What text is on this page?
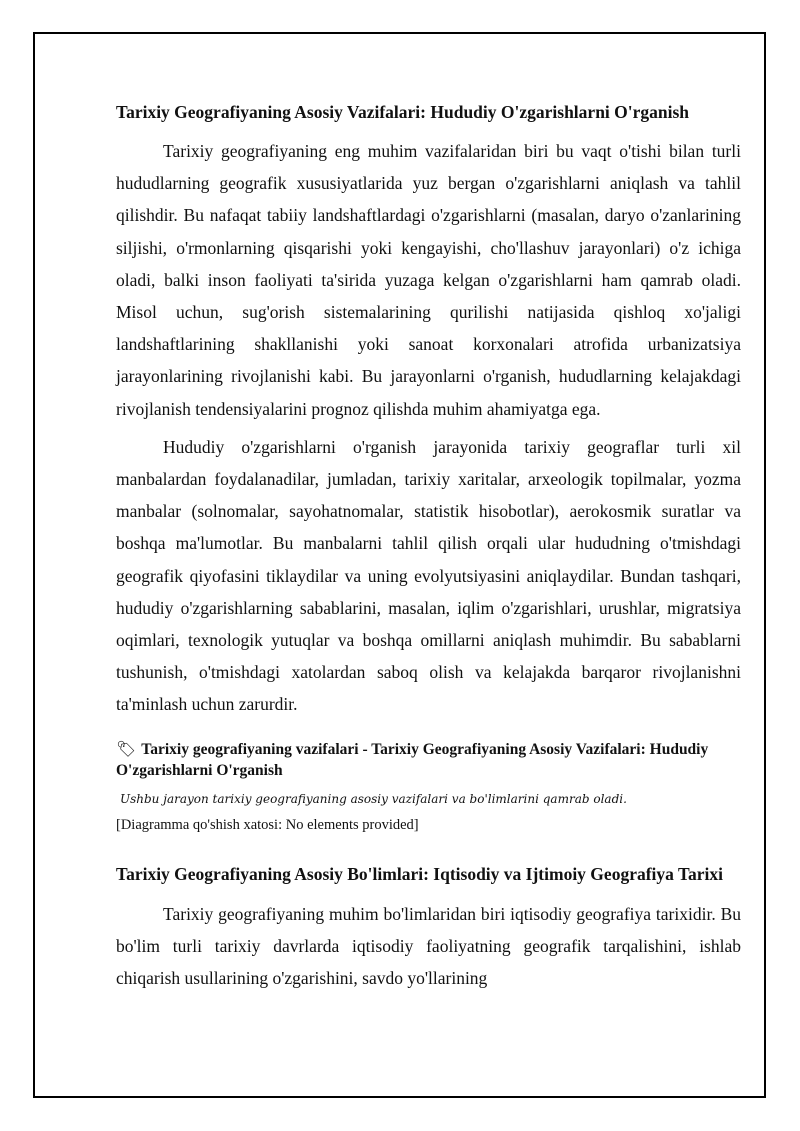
Tarixiy Geografiyaning Asosiy Vazifalari: Hududiy O'zgarishlarni O'rganish

Tarixiy geografiyaning eng muhim vazifalaridan biri bu vaqt o'tishi bilan turli hududlarning geografik xususiyatlarida yuz bergan o'zgarishlarni aniqlash va tahlil qilishdir. Bu nafaqat tabiiy landshaftlardagi o'zgarishlarni (masalan, daryo o'zanlarining siljishi, o'rmonlarning qisqarishi yoki kengayishi, cho'llashuv jarayonlari) o'z ichiga oladi, balki inson faoliyati ta'sirida yuzaga kelgan o'zgarishlarni ham qamrab oladi. Misol uchun, sug'orish sistemalarining qurilishi natijasida qishloq xo'jaligi landshaftlarining shakllanishi yoki sanoat korxonalari atrofida urbanizatsiya jarayonlarining rivojlanishi kabi. Bu jarayonlarni o'rganish, hududlarning kelajakdagi rivojlanish tendensiyalarini prognoz qilishda muhim ahamiyatga ega.

Hududiy o'zgarishlarni o'rganish jarayonida tarixiy geograflar turli xil manbalardan foydalanadilar, jumladan, tarixiy xaritalar, arxeologik topilmalar, yozma manbalar (solnomalar, sayohatnomalar, statistik hisobotlar), aerokosmik suratlar va boshqa ma'lumotlar. Bu manbalarni tahlil qilish orqali ular hududning o'tmishdagi geografik qiyofasini tiklaydilar va uning evolyutsiyasini aniqlaydilar. Bundan tashqari, hududiy o'zgarishlarning sabablarini, masalan, iqlim o'zgarishlari, urushlar, migratsiya oqimlari, texnologik yutuqlar va boshqa omillarni aniqlash muhimdir. Bu sabablarni tushunish, o'tmishdagi xatolardan saboq olish va kelajakda barqaror rivojlanishni ta'minlash uchun zarurdir.

🏷 Tarixiy geografiyaning vazifalari - Tarixiy Geografiyaning Asosiy Vazifalari: Hududiy O'zgarishlarni O'rganish
Ushbu jarayon tarixiy geografiyaning asosiy vazifalari va bo'limlarini qamrab oladi.
[Diagramma qo'shish xatosi: No elements provided]
Tarixiy Geografiyaning Asosiy Bo'limlari: Iqtisodiy va Ijtimoiy Geografiya Tarixi

Tarixiy geografiyaning muhim bo'limlaridan biri iqtisodiy geografiya tarixidir. Bu bo'lim turli tarixiy davrlarda iqtisodiy faoliyatning geografik tarqalishini, ishlab chiqarish usullarining o'zgarishini, savdo yo'llarining
